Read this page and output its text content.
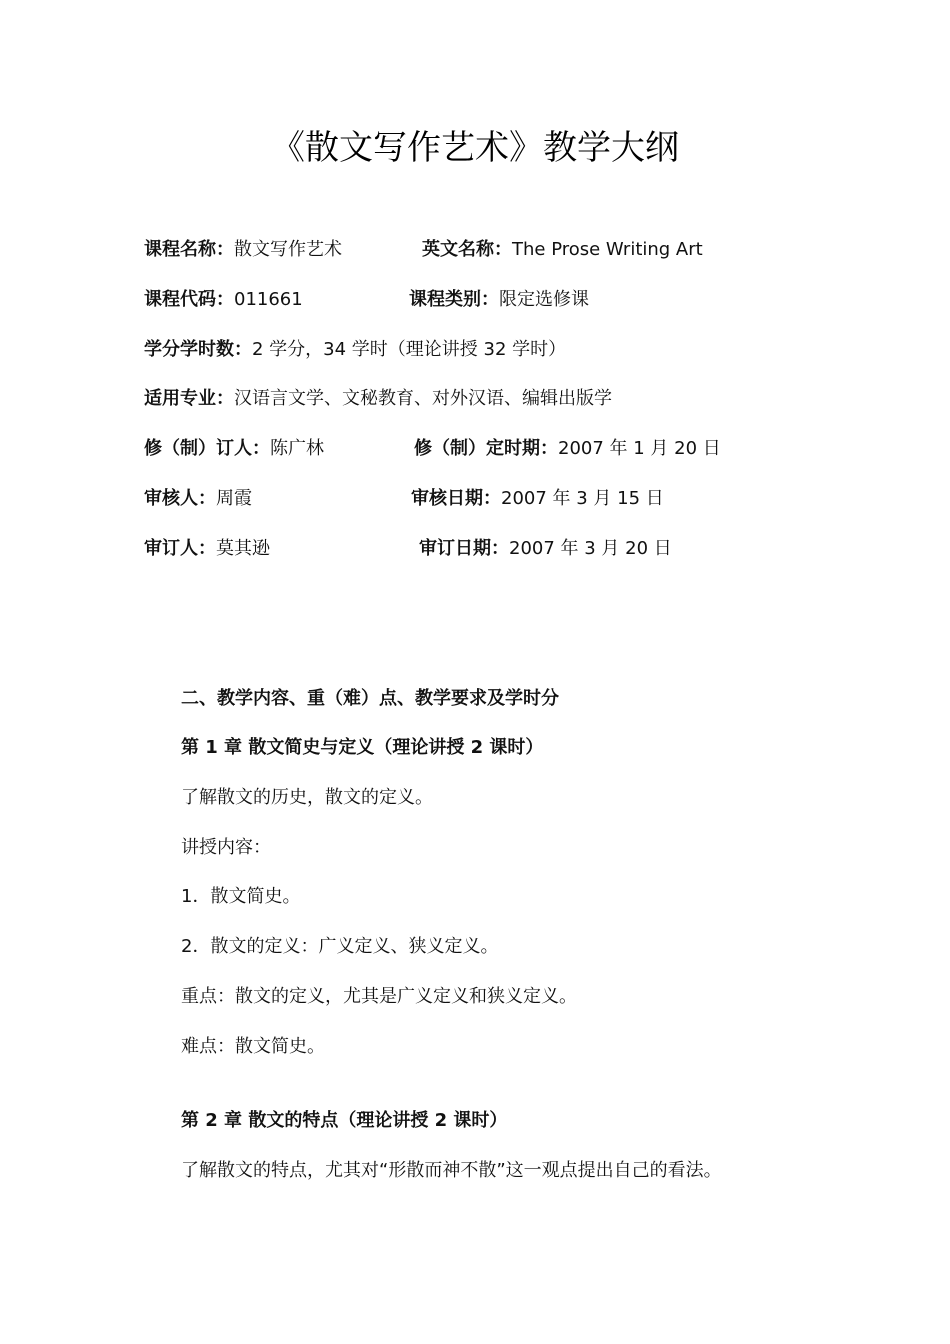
《散文写作艺术》教学大纲
课程名称：散文写作艺术	英文名称：The Prose Writing Art
课程代码：011661	课程类别：限定选修课
学分学时数：2 学分，34 学时（理论讲授 32 学时）
适用专业：汉语言文学、文秘教育、对外汉语、编辑出版学
修（制）订人：陈广林	修（制）定时期：2007 年 1 月 20 日
审核人：周霞	审核日期：2007 年 3 月 15 日
审订人：莫其逊	审订日期：2007 年 3 月 20 日
二、教学内容、重（难）点、教学要求及学时分
第 1 章 散文简史与定义（理论讲授 2 课时）
了解散文的历史，散文的定义。
讲授内容：
1．散文简史。
2．散文的定义：广义定义、狭义定义。
重点：散文的定义，尤其是广义定义和狭义定义。
难点：散文简史。
第 2 章 散文的特点（理论讲授 2 课时）
了解散文的特点，尤其对“形散而神不散”这一观点提出自己的看法。
